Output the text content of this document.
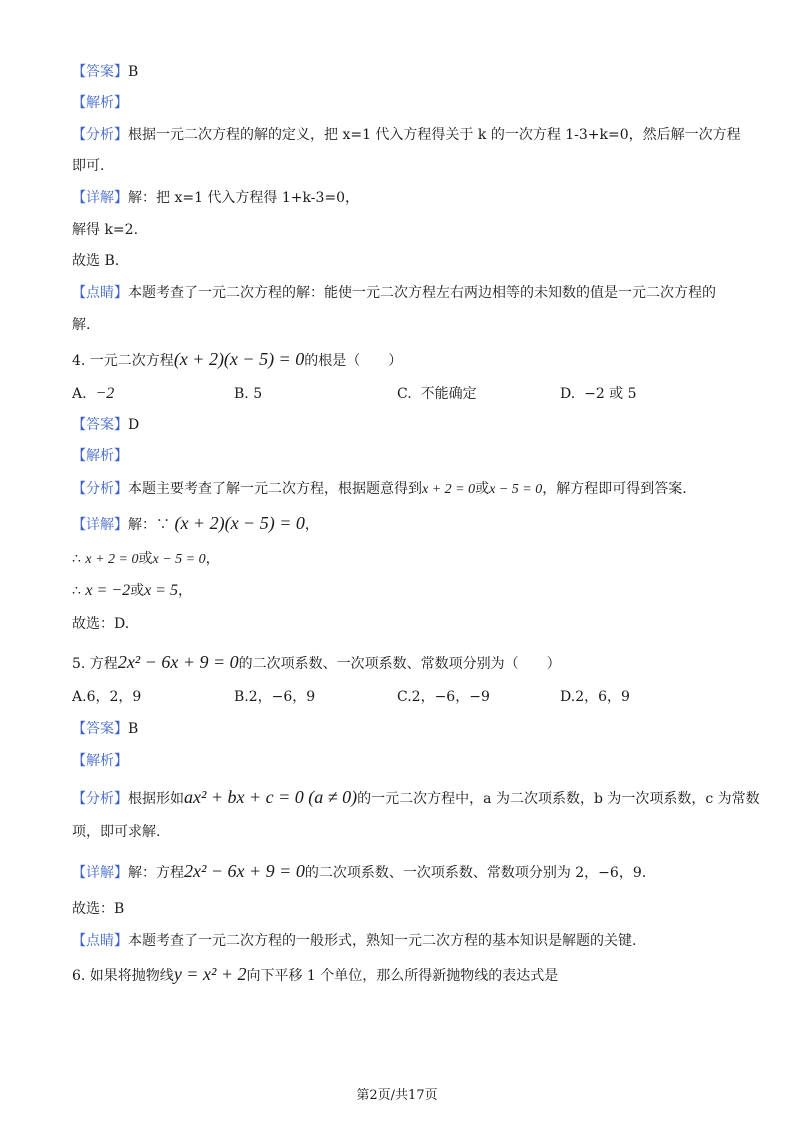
【答案】B
【解析】
【分析】根据一元二次方程的解的定义，把 x=1 代入方程得关于 k 的一次方程 1-3+k=0，然后解一次方程
即可.
【详解】解：把 x=1 代入方程得 1+k-3=0，
解得 k=2.
故选 B.
【点睛】本题考查了一元二次方程的解：能使一元二次方程左右两边相等的未知数的值是一元二次方程的
解.
4. 一元二次方程(x + 2)(x − 5) = 0的根是（　　）
A. −2	B. 5	C. 不能确定	D. −2 或 5
【答案】D
【解析】
【分析】本题主要考查了解一元二次方程，根据题意得到x + 2 = 0或x − 5 = 0，解方程即可得到答案.
【详解】解：∵ (x + 2)(x − 5) = 0，
∴ x + 2 = 0或x − 5 = 0，
∴ x = −2或x = 5，
故选：D.
5. 方程2x² − 6x + 9 = 0的二次项系数、一次项系数、常数项分别为（　　）
A.6，2，9	B.2，−6，9	C.2，−6，−9	D.2，6，9
【答案】B
【解析】
【分析】根据形如ax² + bx + c = 0 (a ≠ 0)的一元二次方程中，a 为二次项系数，b 为一次项系数，c 为常数
项，即可求解.
【详解】解：方程2x² − 6x + 9 = 0的二次项系数、一次项系数、常数项分别为 2，−6，9.
故选：B
【点睛】本题考查了一元二次方程的一般形式，熟知一元二次方程的基本知识是解题的关键.
6. 如果将抛物线y = x² + 2向下平移 1 个单位，那么所得新抛物线的表达式是
第2页/共17页
